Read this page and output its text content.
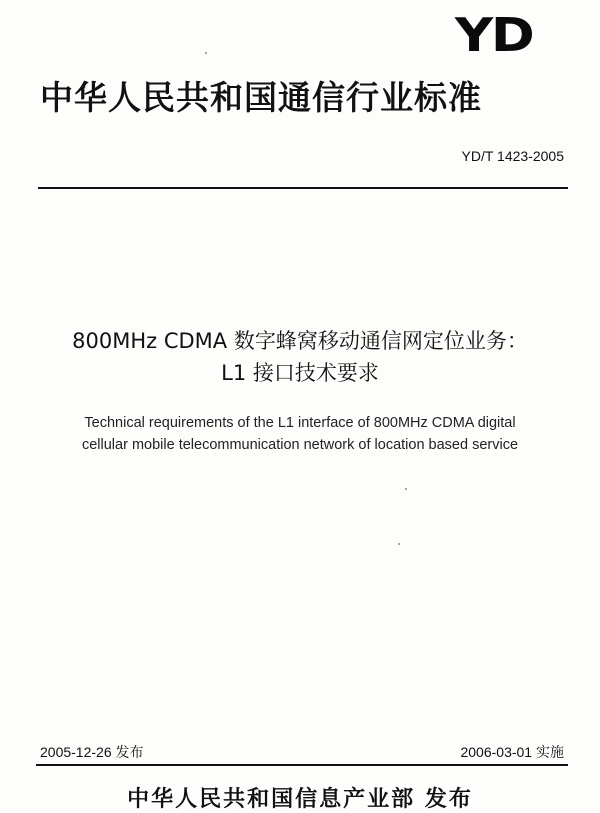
YD
中华人民共和国通信行业标准
YD/T 1423-2005
800MHz CDMA 数字蜂窝移动通信网定位业务：
L1 接口技术要求
Technical requirements of the L1 interface of 800MHz CDMA digital
cellular mobile telecommunication network of location based service
2005-12-26 发布	2006-03-01 实施
中华人民共和国信息产业部 发布
